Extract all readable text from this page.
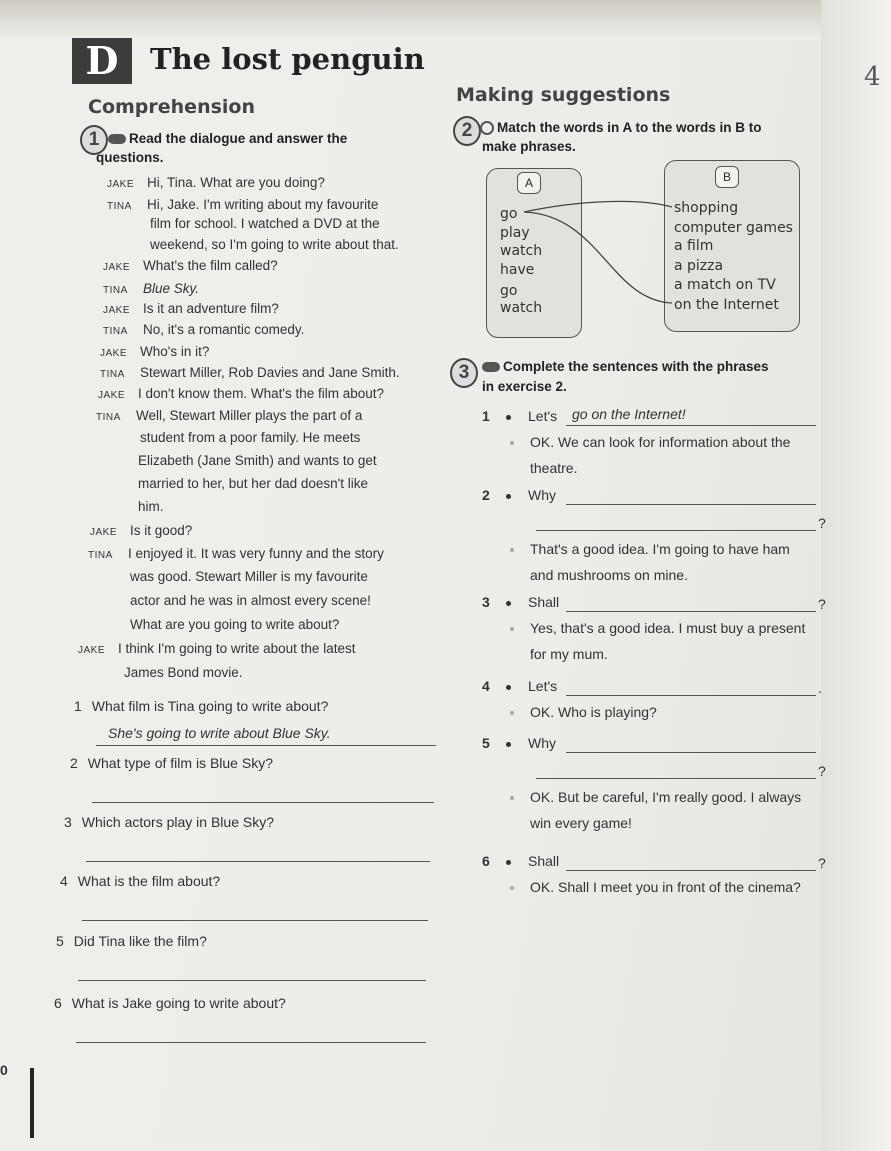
D	The lost penguin
4
Comprehension
1	Read the dialogue and answer the
questions.
JAKE Hi, Tina. What are you doing?
TINA Hi, Jake. I'm writing about my favourite
film for school. I watched a DVD at the
weekend, so I'm going to write about that.
JAKE What's the film called?
TINA Blue Sky.
JAKE Is it an adventure film?
TINA No, it's a romantic comedy.
JAKE Who's in it?
TINA Stewart Miller, Rob Davies and Jane Smith.
JAKE I don't know them. What's the film about?
TINA Well, Stewart Miller plays the part of a
student from a poor family. He meets
Elizabeth (Jane Smith) and wants to get
married to her, but her dad doesn't like
him.
JAKE Is it good?
TINA I enjoyed it. It was very funny and the story
was good. Stewart Miller is my favourite
actor and he was in almost every scene!
What are you going to write about?
JAKE I think I'm going to write about the latest
James Bond movie.
1 What film is Tina going to write about?
She's going to write about Blue Sky.
2 What type of film is Blue Sky?
3 Which actors play in Blue Sky?
4 What is the film about?
5 Did Tina like the film?
6 What is Jake going to write about?
Making suggestions
2	Match the words in A to the words in B to
make phrases.
A	B
go
play
watch
have
go
watch
shopping
computer games
a film
a pizza
a match on TV
on the Internet
3	Complete the sentences with the phrases
in exercise 2.
1	Let's go on the Internet!
OK. We can look for information about the
theatre.
2	Why
?
That's a good idea. I'm going to have ham
and mushrooms on mine.
3	Shall	?
Yes, that's a good idea. I must buy a present
for my mum.
4	Let's	.
OK. Who is playing?
5	Why
?
OK. But be careful, I'm really good. I always
win every game!
6	Shall	?
OK. Shall I meet you in front of the cinema?
0
